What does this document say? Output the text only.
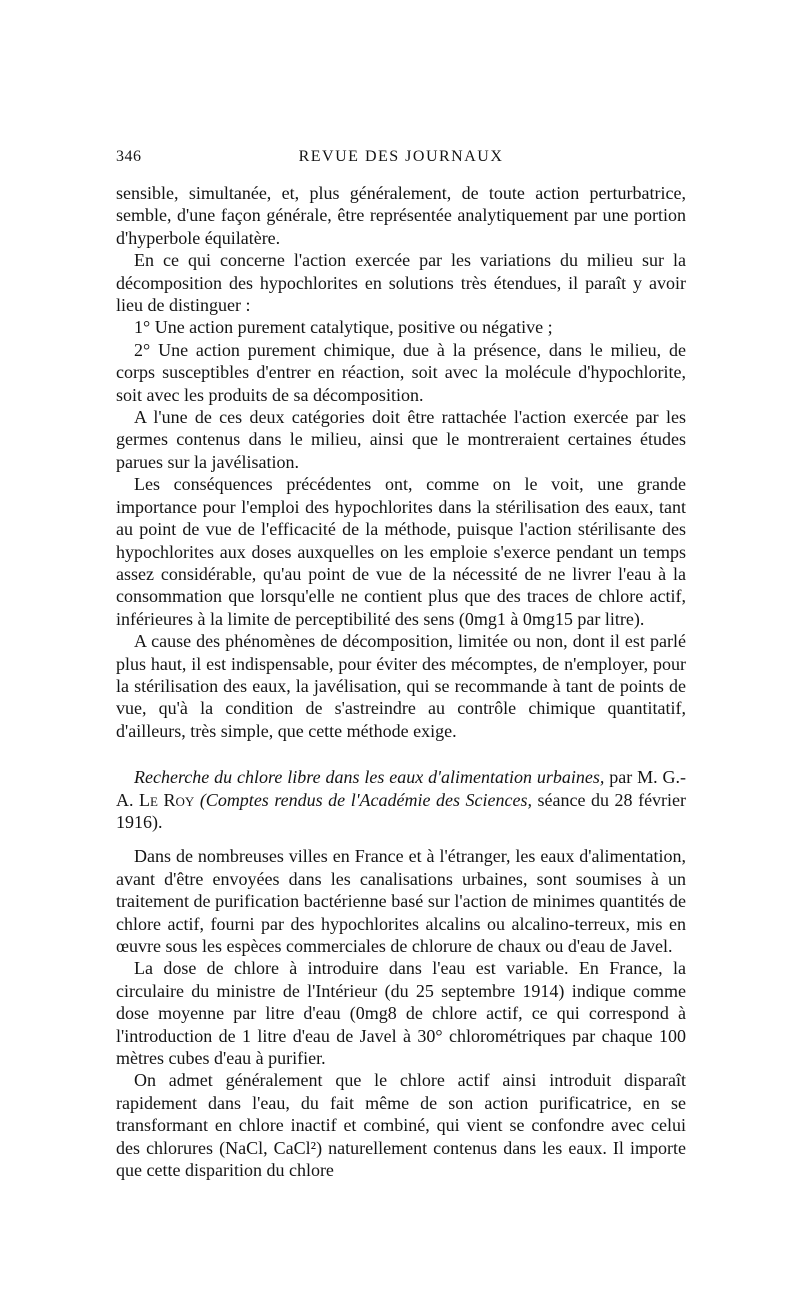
346	REVUE DES JOURNAUX

sensible, simultanée, et, plus généralement, de toute action perturbatrice, semble, d'une façon générale, être représentée analytiquement par une portion d'hyperbole équilatère.

En ce qui concerne l'action exercée par les variations du milieu sur la décomposition des hypochlorites en solutions très étendues, il paraît y avoir lieu de distinguer :

1° Une action purement catalytique, positive ou négative ;

2° Une action purement chimique, due à la présence, dans le milieu, de corps susceptibles d'entrer en réaction, soit avec la molécule d'hypochlorite, soit avec les produits de sa décomposition.

A l'une de ces deux catégories doit être rattachée l'action exercée par les germes contenus dans le milieu, ainsi que le montreraient certaines études parues sur la javélisation.

Les conséquences précédentes ont, comme on le voit, une grande importance pour l'emploi des hypochlorites dans la stérilisation des eaux, tant au point de vue de l'efficacité de la méthode, puisque l'action stérilisante des hypochlorites aux doses auxquelles on les emploie s'exerce pendant un temps assez considérable, qu'au point de vue de la nécessité de ne livrer l'eau à la consommation que lorsqu'elle ne contient plus que des traces de chlore actif, inférieures à la limite de perceptibilité des sens (0mg1 à 0mg15 par litre).

A cause des phénomènes de décomposition, limitée ou non, dont il est parlé plus haut, il est indispensable, pour éviter des mécomptes, de n'employer, pour la stérilisation des eaux, la javélisation, qui se recommande à tant de points de vue, qu'à la condition de s'astreindre au contrôle chimique quantitatif, d'ailleurs, très simple, que cette méthode exige.

Recherche du chlore libre dans les eaux d'alimentation urbaines, par M. G.-A. Le Roy (Comptes rendus de l'Académie des Sciences, séance du 28 février 1916).

Dans de nombreuses villes en France et à l'étranger, les eaux d'alimentation, avant d'être envoyées dans les canalisations urbaines, sont soumises à un traitement de purification bactérienne basé sur l'action de minimes quantités de chlore actif, fourni par des hypochlorites alcalins ou alcalino-terreux, mis en œuvre sous les espèces commerciales de chlorure de chaux ou d'eau de Javel.

La dose de chlore à introduire dans l'eau est variable. En France, la circulaire du ministre de l'Intérieur (du 25 septembre 1914) indique comme dose moyenne par litre d'eau (0mg8 de chlore actif, ce qui correspond à l'introduction de 1 litre d'eau de Javel à 30° chlorométriques par chaque 100 mètres cubes d'eau à purifier.

On admet généralement que le chlore actif ainsi introduit disparaît rapidement dans l'eau, du fait même de son action purificatrice, en se transformant en chlore inactif et combiné, qui vient se confondre avec celui des chlorures (NaCl, CaCl²) naturellement contenus dans les eaux. Il importe que cette disparition du chlore
